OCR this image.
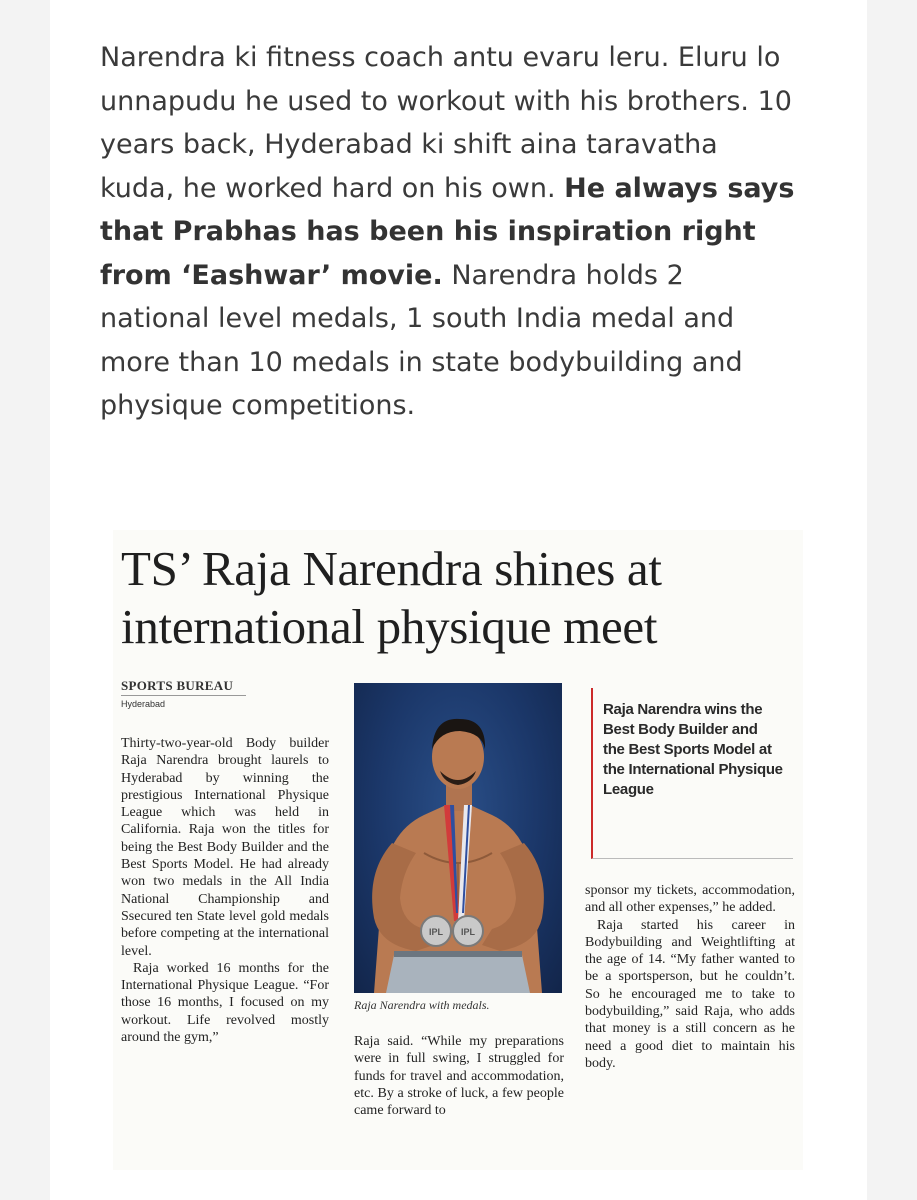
Narendra ki fitness coach antu evaru leru. Eluru lo unnapudu he used to workout with his brothers. 10 years back, Hyderabad ki shift aina taravatha kuda, he worked hard on his own. He always says that Prabhas has been his inspiration right from ‘Eashwar’ movie. Narendra holds 2 national level medals, 1 south India medal and more than 10 medals in state bodybuilding and physique competitions.

TS’ Raja Narendra shines at international physique meet
SPORTS BUREAU
Hyderabad

Thirty-two-year-old Body builder Raja Narendra brought laurels to Hyderabad by winning the prestigious International Physique League which was held in California. Raja won the titles for being the Best Body Builder and the Best Sports Model. He had already won two medals in the All India National Championship and Ssecured ten State level gold medals before competing at the international level.

Raja worked 16 months for the International Physique League. “For those 16 months, I focused on my workout. Life revolved mostly around the gym,”

IPL IPL
Raja Narendra with medals.

Raja said. “While my preparations were in full swing, I struggled for funds for travel and accommodation, etc. By a stroke of luck, a few people came forward to

Raja Narendra wins the Best Body Builder and the Best Sports Model at the International Physique League

sponsor my tickets, accommodation, and all other expenses,” he added.

Raja started his career in Bodybuilding and Weightlifting at the age of 14. “My father wanted to be a sportsperson, but he couldn’t. So he encouraged me to take to bodybuilding,” said Raja, who adds that money is a still concern as he need a good diet to maintain his body.
